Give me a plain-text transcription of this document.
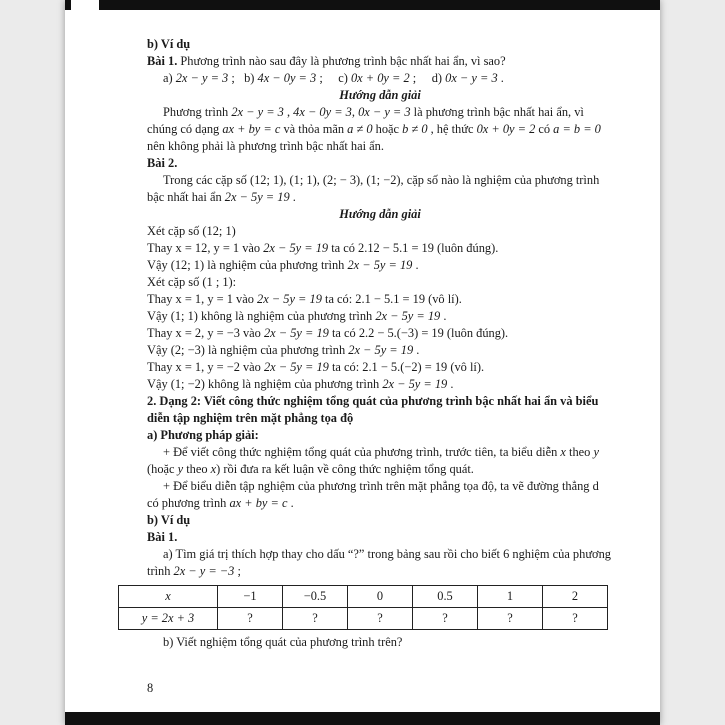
b) Ví dụ
Bài 1. Phương trình nào sau đây là phương trình bậc nhất hai ẩn, vì sao?
a) 2x − y = 3 ;   b) 4x − 0y = 3 ;     c) 0x + 0y = 2 ;     d) 0x − y = 3 .
Hướng dẫn giải
Phương trình 2x − y = 3 , 4x − 0y = 3, 0x − y = 3 là phương trình bậc nhất hai ẩn, vì chúng có dạng ax + by = c và thỏa mãn a ≠ 0 hoặc b ≠ 0 , hệ thức 0x + 0y = 2 có a = b = 0 nên không phải là phương trình bậc nhất hai ẩn.
Bài 2.
Trong các cặp số (12; 1), (1; 1), (2; − 3), (1; −2), cặp số nào là nghiệm của phương trình bậc nhất hai ẩn 2x − 5y = 19 .
Hướng dẫn giải
Xét cặp số (12; 1)
Thay x = 12, y = 1 vào 2x − 5y = 19 ta có 2.12 − 5.1 = 19 (luôn đúng).
Vậy (12; 1) là nghiệm của phương trình 2x − 5y = 19 .
Xét cặp số (1 ; 1):
Thay x = 1, y = 1 vào 2x − 5y = 19 ta có: 2.1 − 5.1 = 19 (vô lí).
Vậy (1; 1) không là nghiệm của phương trình 2x − 5y = 19 .
Thay x = 2, y = −3 vào 2x − 5y = 19 ta có 2.2 − 5.(−3) = 19 (luôn đúng).
Vậy (2; −3) là nghiệm của phương trình 2x − 5y = 19 .
Thay x = 1, y = −2 vào 2x − 5y = 19 ta có: 2.1 − 5.(−2) = 19 (vô lí).
Vậy (1; −2) không là nghiệm của phương trình 2x − 5y = 19 .
2. Dạng 2: Viết công thức nghiệm tổng quát của phương trình bậc nhất hai ẩn và biểu diễn tập nghiệm trên mặt phẳng tọa độ
a) Phương pháp giải:
+ Để viết công thức nghiệm tổng quát của phương trình, trước tiên, ta biểu diễn x theo y (hoặc y theo x) rồi đưa ra kết luận về công thức nghiệm tổng quát.
+ Để biểu diễn tập nghiệm của phương trình trên mặt phẳng tọa độ, ta vẽ đường thẳng d có phương trình ax + by = c .
b) Ví dụ
Bài 1.
a) Tìm giá trị thích hợp thay cho dấu “?” trong bảng sau rồi cho biết 6 nghiệm của phương trình 2x − y = −3 ;
x	−1	−0.5	0	0.5	1	2
y = 2x + 3	?	?	?	?	?	?
b) Viết nghiệm tổng quát của phương trình trên?
8
